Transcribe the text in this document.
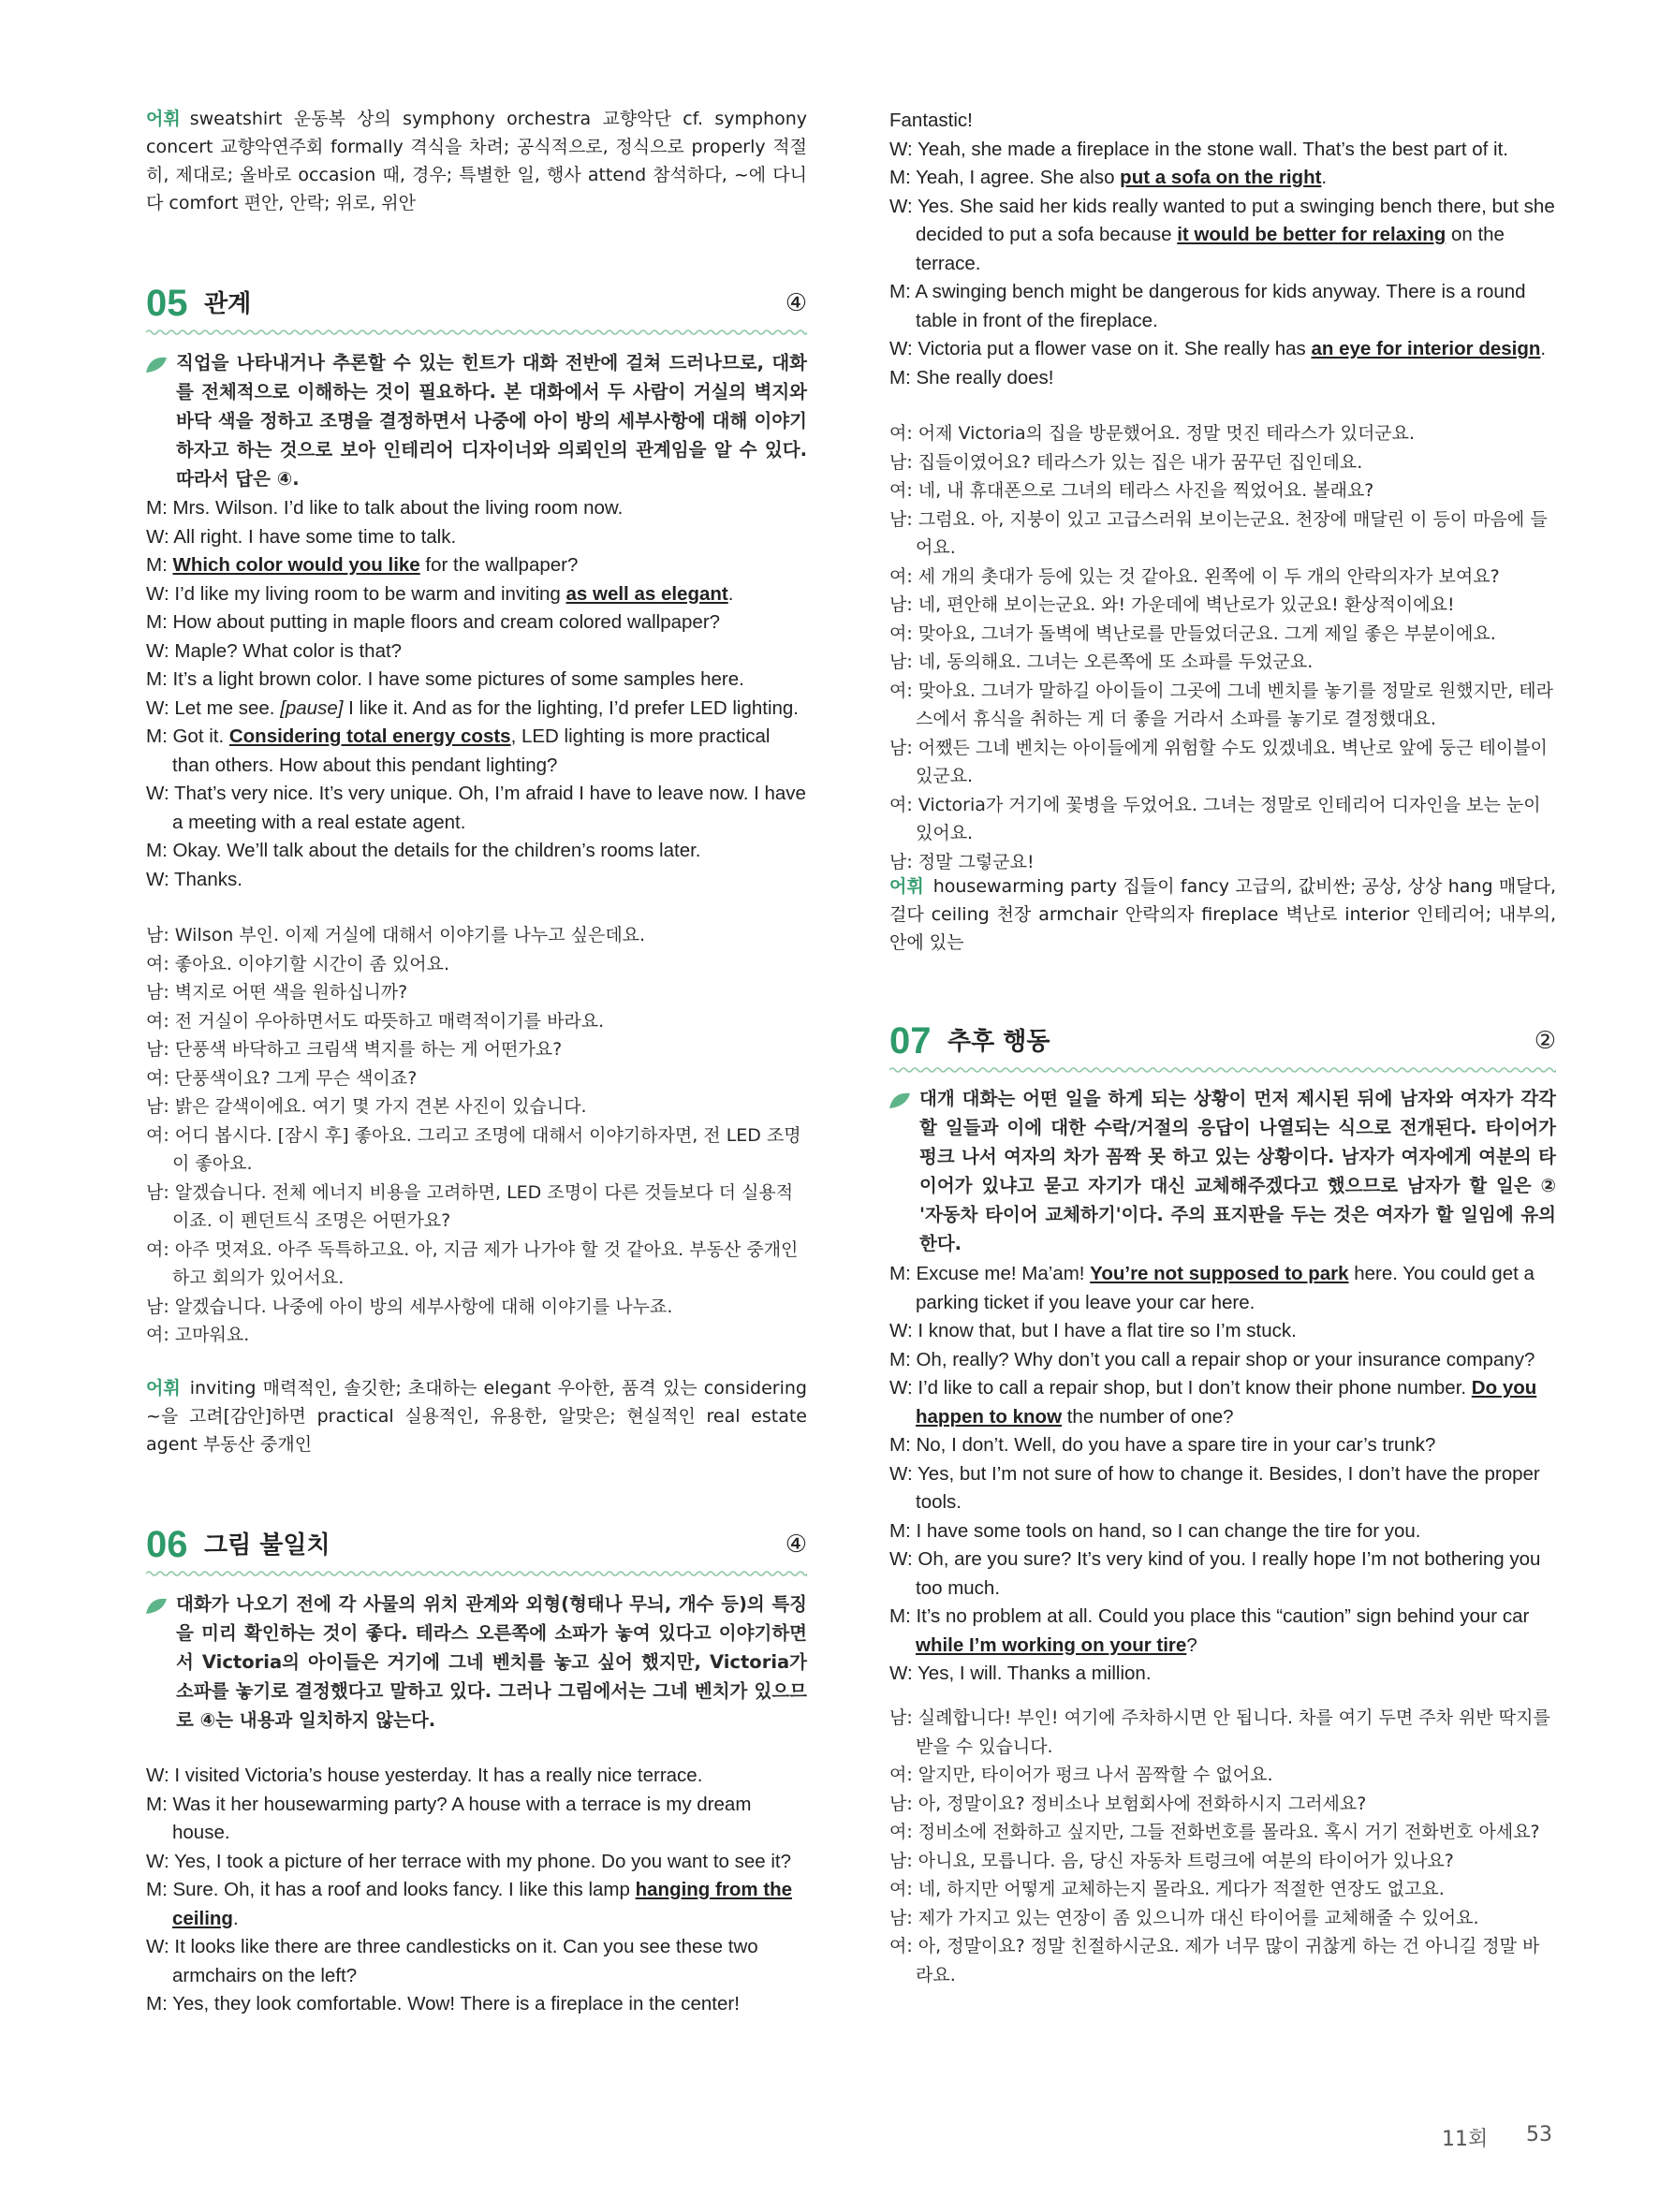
어휘 sweatshirt 운동복 상의 symphony orchestra 교향악단 cf. symphony concert 교향악연주회 formally 격식을 차려; 공식적으로, 정식으로 properly 적절히, 제대로; 올바로 occasion 때, 경우; 특별한 일, 행사 attend 참석하다, ~에 다니다 comfort 편안, 안락; 위로, 위안
05 관계	④
직업을 나타내거나 추론할 수 있는 힌트가 대화 전반에 걸쳐 드러나므로, 대화를 전체적으로 이해하는 것이 필요하다. 본 대화에서 두 사람이 거실의 벽지와 바닥 색을 정하고 조명을 결정하면서 나중에 아이 방의 세부사항에 대해 이야기하자고 하는 것으로 보아 인테리어 디자이너와 의뢰인의 관계임을 알 수 있다. 따라서 답은 ④.
M: Mrs. Wilson. I’d like to talk about the living room now.
W: All right. I have some time to talk.
M: Which color would you like for the wallpaper?
W: I’d like my living room to be warm and inviting as well as elegant.
M: How about putting in maple floors and cream colored wallpaper?
W: Maple? What color is that?
M: It’s a light brown color. I have some pictures of some samples here.
W: Let me see. [pause] I like it. And as for the lighting, I’d prefer LED lighting.
M: Got it. Considering total energy costs, LED lighting is more practical than others. How about this pendant lighting?
W: That’s very nice. It’s very unique. Oh, I’m afraid I have to leave now. I have a meeting with a real estate agent.
M: Okay. We’ll talk about the details for the children’s rooms later.
W: Thanks.
남: Wilson 부인. 이제 거실에 대해서 이야기를 나누고 싶은데요.
여: 좋아요. 이야기할 시간이 좀 있어요.
남: 벽지로 어떤 색을 원하십니까?
여: 전 거실이 우아하면서도 따뜻하고 매력적이기를 바라요.
남: 단풍색 바닥하고 크림색 벽지를 하는 게 어떤가요?
여: 단풍색이요? 그게 무슨 색이죠?
남: 밝은 갈색이에요. 여기 몇 가지 견본 사진이 있습니다.
여: 어디 봅시다. [잠시 후] 좋아요. 그리고 조명에 대해서 이야기하자면, 전 LED 조명이 좋아요.
남: 알겠습니다. 전체 에너지 비용을 고려하면, LED 조명이 다른 것들보다 더 실용적이죠. 이 펜던트식 조명은 어떤가요?
여: 아주 멋져요. 아주 독특하고요. 아, 지금 제가 나가야 할 것 같아요. 부동산 중개인하고 회의가 있어서요.
남: 알겠습니다. 나중에 아이 방의 세부사항에 대해 이야기를 나누죠.
여: 고마워요.
어휘 inviting 매력적인, 솔깃한; 초대하는 elegant 우아한, 품격 있는 considering ~을 고려[감안]하면 practical 실용적인, 유용한, 알맞은; 현실적인 real estate agent 부동산 중개인
06 그림 불일치	④
대화가 나오기 전에 각 사물의 위치 관계와 외형(형태나 무늬, 개수 등)의 특징을 미리 확인하는 것이 좋다. 테라스 오른쪽에 소파가 놓여 있다고 이야기하면서 Victoria의 아이들은 거기에 그네 벤치를 놓고 싶어 했지만, Victoria가 소파를 놓기로 결정했다고 말하고 있다. 그러나 그림에서는 그네 벤치가 있으므로 ④는 내용과 일치하지 않는다.
W: I visited Victoria’s house yesterday. It has a really nice terrace.
M: Was it her housewarming party? A house with a terrace is my dream house.
W: Yes, I took a picture of her terrace with my phone. Do you want to see it?
M: Sure. Oh, it has a roof and looks fancy. I like this lamp hanging from the ceiling.
W: It looks like there are three candlesticks on it. Can you see these two armchairs on the left?
M: Yes, they look comfortable. Wow! There is a fireplace in the center!
Fantastic!
W: Yeah, she made a fireplace in the stone wall. That’s the best part of it.
M: Yeah, I agree. She also put a sofa on the right.
W: Yes. She said her kids really wanted to put a swinging bench there, but she decided to put a sofa because it would be better for relaxing on the terrace.
M: A swinging bench might be dangerous for kids anyway. There is a round table in front of the fireplace.
W: Victoria put a flower vase on it. She really has an eye for interior design.
M: She really does!
여: 어제 Victoria의 집을 방문했어요. 정말 멋진 테라스가 있더군요.
남: 집들이였어요? 테라스가 있는 집은 내가 꿈꾸던 집인데요.
여: 네, 내 휴대폰으로 그녀의 테라스 사진을 찍었어요. 볼래요?
남: 그럼요. 아, 지붕이 있고 고급스러워 보이는군요. 천장에 매달린 이 등이 마음에 들어요.
여: 세 개의 촛대가 등에 있는 것 같아요. 왼쪽에 이 두 개의 안락의자가 보여요?
남: 네, 편안해 보이는군요. 와! 가운데에 벽난로가 있군요! 환상적이에요!
여: 맞아요, 그녀가 돌벽에 벽난로를 만들었더군요. 그게 제일 좋은 부분이에요.
남: 네, 동의해요. 그녀는 오른쪽에 또 소파를 두었군요.
여: 맞아요. 그녀가 말하길 아이들이 그곳에 그네 벤치를 놓기를 정말로 원했지만, 테라스에서 휴식을 취하는 게 더 좋을 거라서 소파를 놓기로 결정했대요.
남: 어쨌든 그네 벤치는 아이들에게 위험할 수도 있겠네요. 벽난로 앞에 둥근 테이블이 있군요.
여: Victoria가 거기에 꽃병을 두었어요. 그녀는 정말로 인테리어 디자인을 보는 눈이 있어요.
남: 정말 그렇군요!
어휘 housewarming party 집들이 fancy 고급의, 값비싼; 공상, 상상 hang 매달다, 걸다 ceiling 천장 armchair 안락의자 fireplace 벽난로 interior 인테리어; 내부의, 안에 있는
07 추후 행동	②
대개 대화는 어떤 일을 하게 되는 상황이 먼저 제시된 뒤에 남자와 여자가 각각 할 일들과 이에 대한 수락/거절의 응답이 나열되는 식으로 전개된다. 타이어가 펑크 나서 여자의 차가 꼼짝 못 하고 있는 상황이다. 남자가 여자에게 여분의 타이어가 있냐고 묻고 자기가 대신 교체해주겠다고 했으므로 남자가 할 일은 ② '자동차 타이어 교체하기'이다. 주의 표지판을 두는 것은 여자가 할 일임에 유의한다.
M: Excuse me! Ma’am! You’re not supposed to park here. You could get a parking ticket if you leave your car here.
W: I know that, but I have a flat tire so I’m stuck.
M: Oh, really? Why don’t you call a repair shop or your insurance company?
W: I’d like to call a repair shop, but I don’t know their phone number. Do you happen to know the number of one?
M: No, I don’t. Well, do you have a spare tire in your car’s trunk?
W: Yes, but I’m not sure of how to change it. Besides, I don’t have the proper tools.
M: I have some tools on hand, so I can change the tire for you.
W: Oh, are you sure? It’s very kind of you. I really hope I’m not bothering you too much.
M: It’s no problem at all. Could you place this “caution” sign behind your car while I’m working on your tire?
W: Yes, I will. Thanks a million.
남: 실례합니다! 부인! 여기에 주차하시면 안 됩니다. 차를 여기 두면 주차 위반 딱지를 받을 수 있습니다.
여: 알지만, 타이어가 펑크 나서 꼼짝할 수 없어요.
남: 아, 정말이요? 정비소나 보험회사에 전화하시지 그러세요?
여: 정비소에 전화하고 싶지만, 그들 전화번호를 몰라요. 혹시 거기 전화번호 아세요?
남: 아니요, 모릅니다. 음, 당신 자동차 트렁크에 여분의 타이어가 있나요?
여: 네, 하지만 어떻게 교체하는지 몰라요. 게다가 적절한 연장도 없고요.
남: 제가 가지고 있는 연장이 좀 있으니까 대신 타이어를 교체해줄 수 있어요.
여: 아, 정말이요? 정말 친절하시군요. 제가 너무 많이 귀찮게 하는 건 아니길 정말 바라요.
11회 53
